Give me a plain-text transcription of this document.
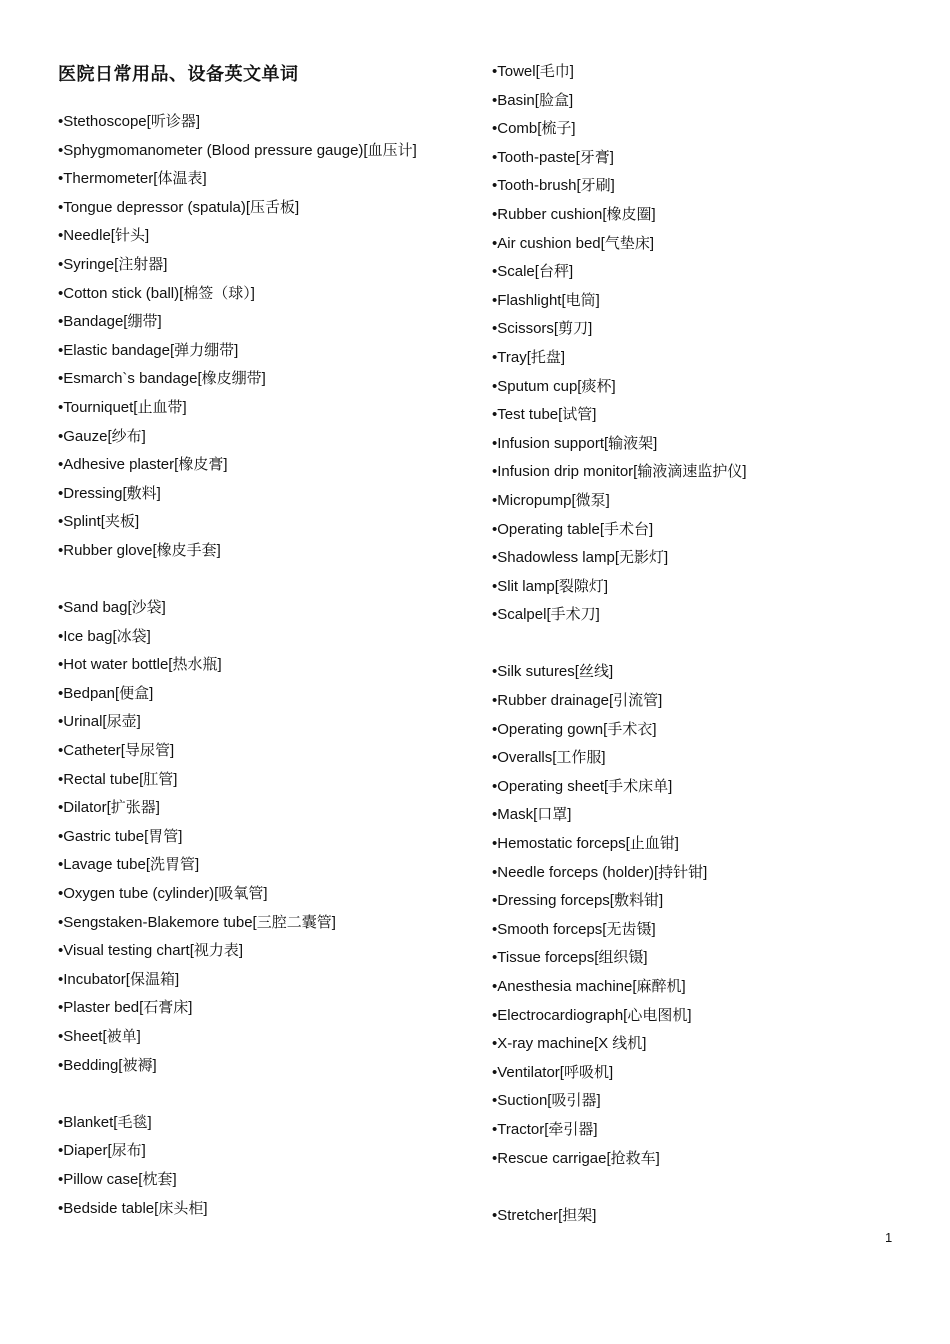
医院日常用品、设备英文单词
•Stethoscope[听诊器]
•Sphygmomanometer (Blood pressure gauge)[血压计]
•Thermometer[体温表]
•Tongue depressor (spatula)[压舌板]
•Needle[针头]
•Syringe[注射器]
•Cotton stick (ball)[棉签（球）]
•Bandage[绷带]
•Elastic bandage[弹力绷带]
•Esmarch`s bandage[橡皮绷带]
•Tourniquet[止血带]
•Gauze[纱布]
•Adhesive plaster[橡皮膏]
•Dressing[敷料]
•Splint[夹板]
•Rubber glove[橡皮手套]
•Sand bag[沙袋]
•Ice bag[冰袋]
•Hot water bottle[热水瓶]
•Bedpan[便盒]
•Urinal[尿壶]
•Catheter[导尿管]
•Rectal tube[肛管]
•Dilator[扩张器]
•Gastric tube[胃管]
•Lavage tube[洗胃管]
•Oxygen tube (cylinder)[吸氧管]
•Sengstaken-Blakemore tube[三腔二囊管]
•Visual testing chart[视力表]
•Incubator[保温箱]
•Plaster bed[石膏床]
•Sheet[被单]
•Bedding[被褥]
•Blanket[毛毯]
•Diaper[尿布]
•Pillow case[枕套]
•Bedside table[床头柜]
•Towel[毛巾]
•Basin[脸盒]
•Comb[梳子]
•Tooth-paste[牙膏]
•Tooth-brush[牙刷]
•Rubber cushion[橡皮圈]
•Air cushion bed[气垫床]
•Scale[台秤]
•Flashlight[电筒]
•Scissors[剪刀]
•Tray[托盘]
•Sputum cup[痰杯]
•Test tube[试管]
•Infusion support[输液架]
•Infusion drip monitor[输液滴速监护仪]
•Micropump[微泵]
•Operating table[手术台]
•Shadowless lamp[无影灯]
•Slit lamp[裂隙灯]
•Scalpel[手术刀]
•Silk sutures[丝线]
•Rubber drainage[引流管]
•Operating gown[手术衣]
•Overalls[工作服]
•Operating sheet[手术床单]
•Mask[口罩]
•Hemostatic forceps[止血钳]
•Needle forceps (holder)[持针钳]
•Dressing forceps[敷料钳]
•Smooth forceps[无齿镊]
•Tissue forceps[组织镊]
•Anesthesia machine[麻醉机]
•Electrocardiograph[心电图机]
•X-ray machine[X 线机]
•Ventilator[呼吸机]
•Suction[吸引器]
•Tractor[牵引器]
•Rescue carrigae[抢救车]
•Stretcher[担架]
1
